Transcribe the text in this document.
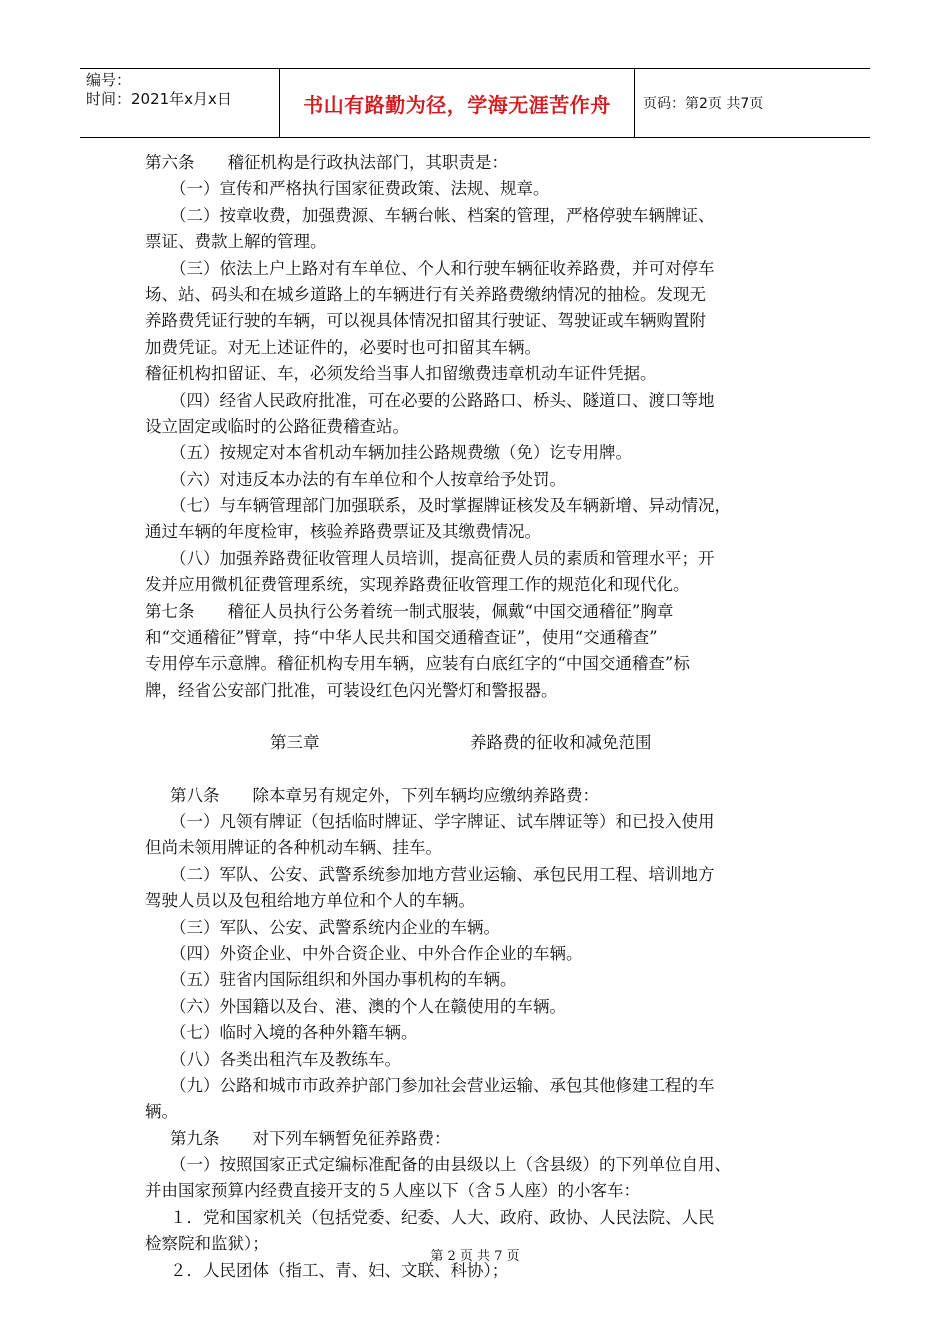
编号：
时间：2021年x月x日	书山有路勤为径，学海无涯苦作舟	页码：第2页 共7页
第六条　　稽征机构是行政执法部门，其职责是：
（一）宣传和严格执行国家征费政策、法规、规章。
（二）按章收费，加强费源、车辆台帐、档案的管理，严格停驶车辆牌证、
票证、费款上解的管理。
（三）依法上户上路对有车单位、个人和行驶车辆征收养路费，并可对停车
场、站、码头和在城乡道路上的车辆进行有关养路费缴纳情况的抽检。发现无
养路费凭证行驶的车辆，可以视具体情况扣留其行驶证、驾驶证或车辆购置附
加费凭证。对无上述证件的，必要时也可扣留其车辆。
稽征机构扣留证、车，必须发给当事人扣留缴费违章机动车证件凭据。
（四）经省人民政府批准，可在必要的公路路口、桥头、隧道口、渡口等地
设立固定或临时的公路征费稽查站。
（五）按规定对本省机动车辆加挂公路规费缴（免）讫专用牌。
（六）对违反本办法的有车单位和个人按章给予处罚。
（七）与车辆管理部门加强联系，及时掌握牌证核发及车辆新增、异动情况，
通过车辆的年度检审，核验养路费票证及其缴费情况。
（八）加强养路费征收管理人员培训，提高征费人员的素质和管理水平；开
发并应用微机征费管理系统，实现养路费征收管理工作的规范化和现代化。
第七条　　稽征人员执行公务着统一制式服装，佩戴“中国交通稽征”胸章
和“交通稽征”臂章，持“中华人民共和国交通稽查证”，使用“交通稽查”
专用停车示意牌。稽征机构专用车辆，应装有白底红字的“中国交通稽查”标
牌，经省公安部门批准，可装设红色闪光警灯和警报器。
第三章	养路费的征收和减免范围
第八条　　除本章另有规定外，下列车辆均应缴纳养路费：
（一）凡领有牌证（包括临时牌证、学字牌证、试车牌证等）和已投入使用
但尚未领用牌证的各种机动车辆、挂车。
（二）军队、公安、武警系统参加地方营业运输、承包民用工程、培训地方
驾驶人员以及包租给地方单位和个人的车辆。
（三）军队、公安、武警系统内企业的车辆。
（四）外资企业、中外合资企业、中外合作企业的车辆。
（五）驻省内国际组织和外国办事机构的车辆。
（六）外国籍以及台、港、澳的个人在赣使用的车辆。
（七）临时入境的各种外籍车辆。
（八）各类出租汽车及教练车。
（九）公路和城市市政养护部门参加社会营业运输、承包其他修建工程的车
辆。
第九条　　对下列车辆暂免征养路费：
（一）按照国家正式定编标准配备的由县级以上（含县级）的下列单位自用、
并由国家预算内经费直接开支的５人座以下（含５人座）的小客车：
１．党和国家机关（包括党委、纪委、人大、政府、政协、人民法院、人民
检察院和监狱）；
２．人民团体（指工、青、妇、文联、科协）；
第 2 页 共 7 页
